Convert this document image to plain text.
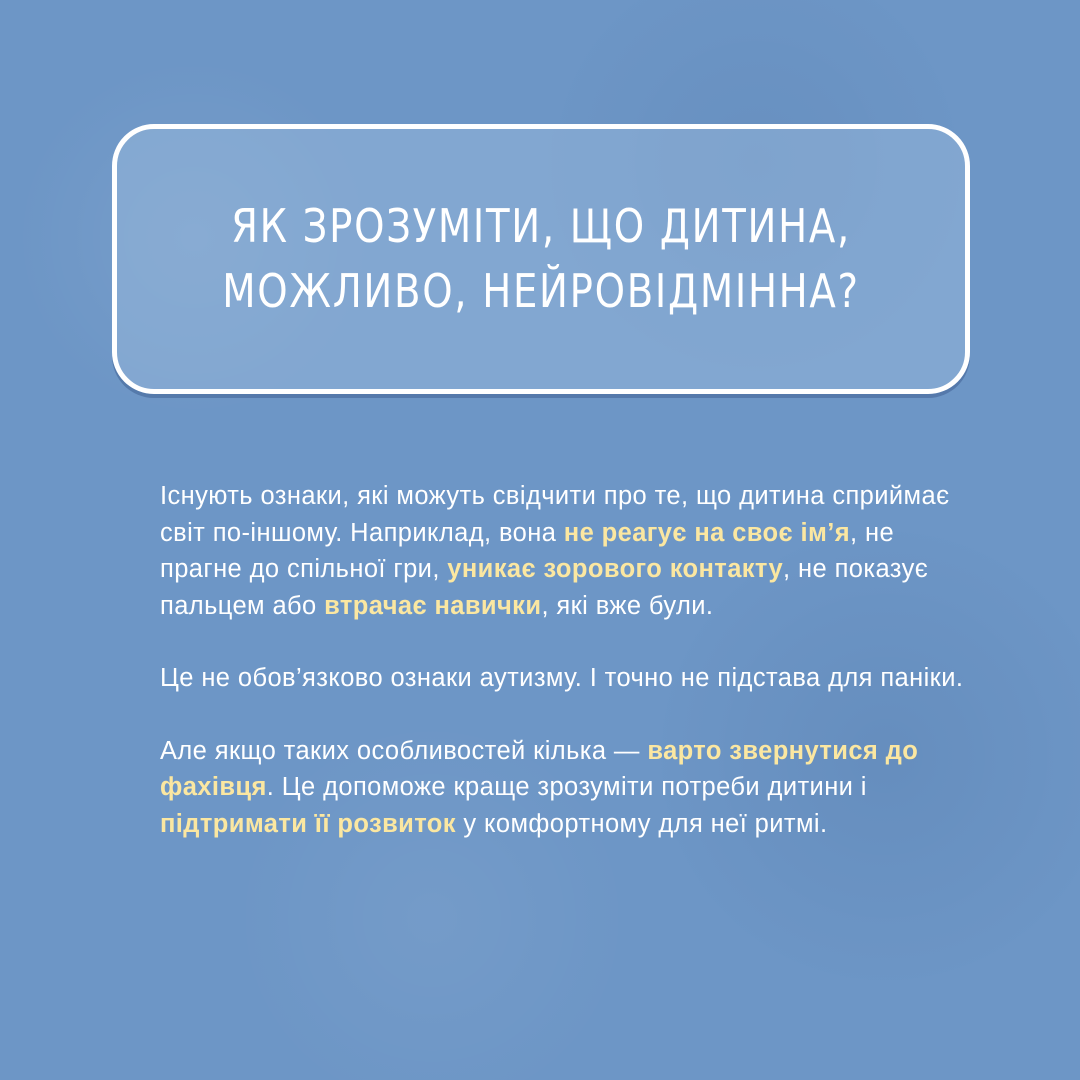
ЯК ЗРОЗУМІТИ, ЩО ДИТИНА,
МОЖЛИВО, НЕЙРОВІДМІННА?

Існують ознаки, які можуть свідчити про те, що дитина сприймає світ по-іншому. Наприклад, вона не реагує на своє ім’я, не прагне до спільної гри, уникає зорового контакту, не показує пальцем або втрачає навички, які вже були.

Це не обов’язково ознаки аутизму. І точно не підстава для паніки.

Але якщо таких особливостей кілька — варто звернутися до фахівця. Це допоможе краще зрозуміти потреби дитини і підтримати її розвиток у комфортному для неї ритмі.
